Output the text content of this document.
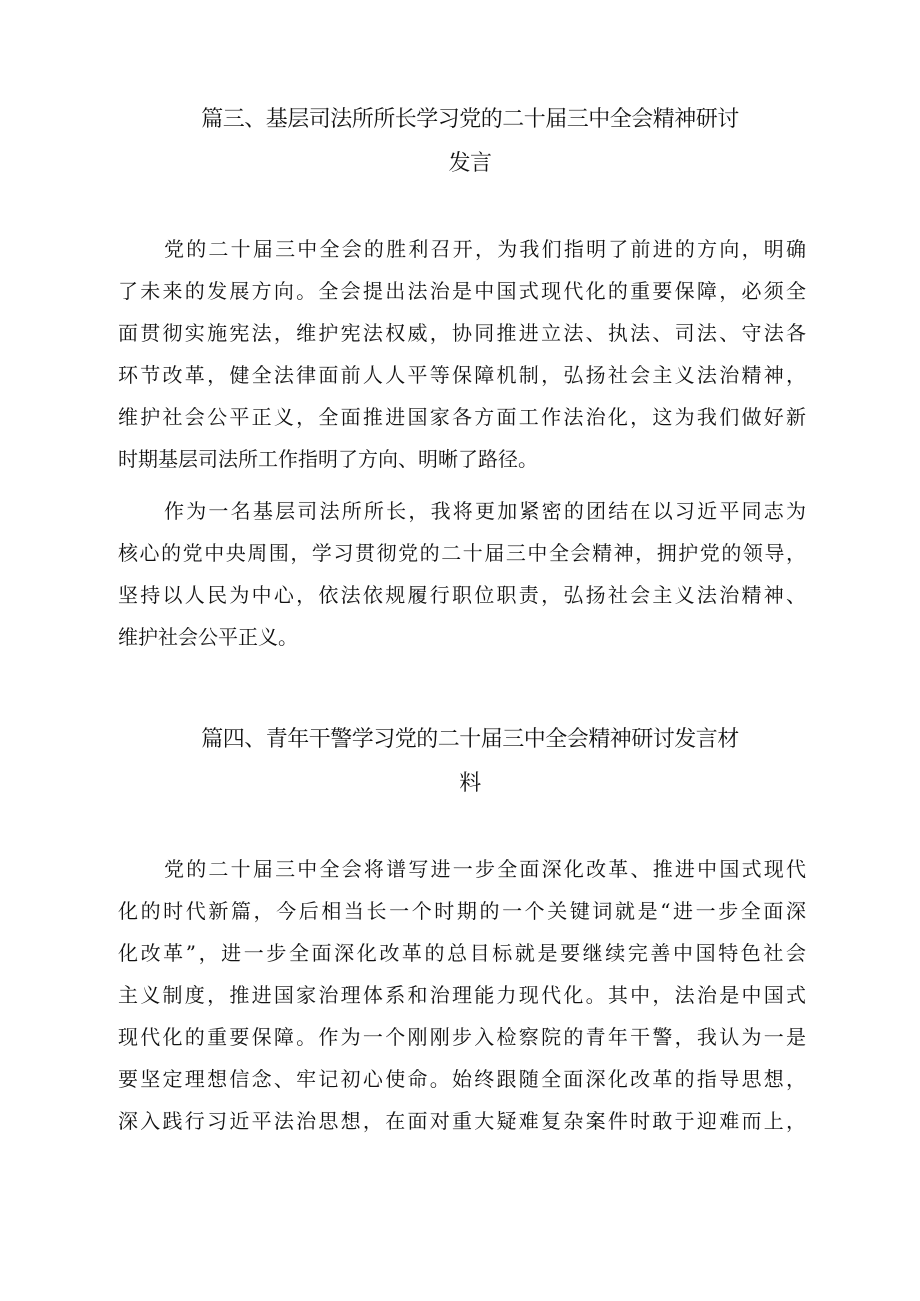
篇三、基层司法所所长学习党的二十届三中全会精神研讨
发言
党的二十届三中全会的胜利召开，为我们指明了前进的方向，明确
了未来的发展方向。全会提出法治是中国式现代化的重要保障，必须全
面贯彻实施宪法，维护宪法权威，协同推进立法、执法、司法、守法各
环节改革，健全法律面前人人平等保障机制，弘扬社会主义法治精神，
维护社会公平正义，全面推进国家各方面工作法治化，这为我们做好新
时期基层司法所工作指明了方向、明晰了路径。
作为一名基层司法所所长，我将更加紧密的团结在以习近平同志为
核心的党中央周围，学习贯彻党的二十届三中全会精神，拥护党的领导，
坚持以人民为中心，依法依规履行职位职责，弘扬社会主义法治精神、
维护社会公平正义。
篇四、青年干警学习党的二十届三中全会精神研讨发言材
料
党的二十届三中全会将谱写进一步全面深化改革、推进中国式现代
化的时代新篇，今后相当长一个时期的一个关键词就是“进一步全面深
化改革”，进一步全面深化改革的总目标就是要继续完善中国特色社会
主义制度，推进国家治理体系和治理能力现代化。其中，法治是中国式
现代化的重要保障。作为一个刚刚步入检察院的青年干警，我认为一是
要坚定理想信念、牢记初心使命。始终跟随全面深化改革的指导思想，
深入践行习近平法治思想，在面对重大疑难复杂案件时敢于迎难而上，
